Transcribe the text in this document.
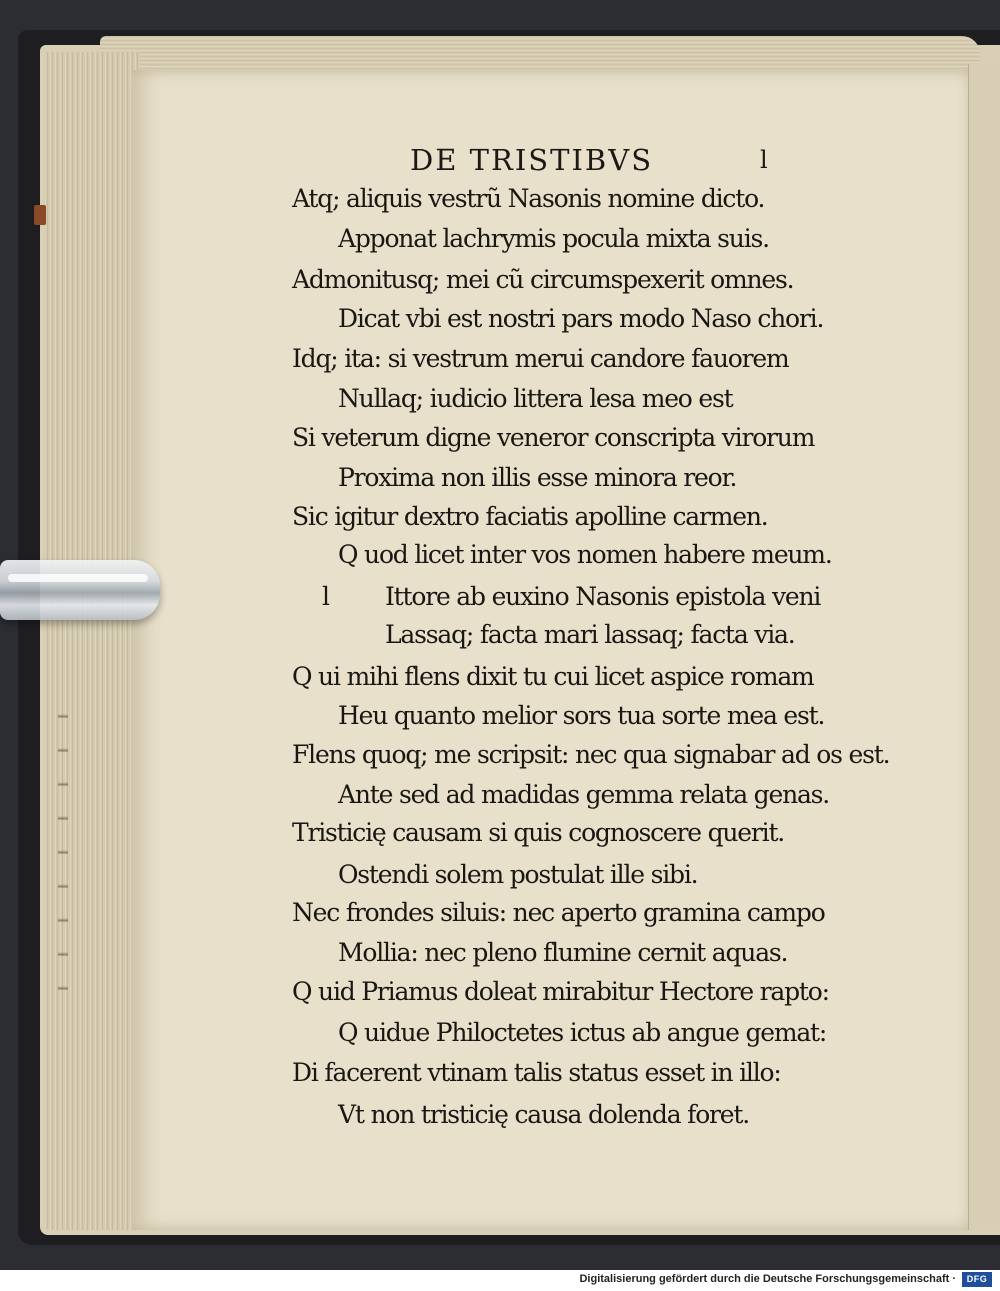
DE TRISTIBVS	l
Atq; aliquis vestrũ Nasonis nomine dicto.
Apponat lachrymis pocula mixta suis.
Admonitusq; mei cũ circumspexerit omnes.
Dicat vbi est nostri pars modo Naso chori.
Idq; ita: si vestrum merui candore fauorem
Nullaq; iudicio littera lesa meo est
Si veterum digne veneror conscripta virorum
Proxima non illis esse minora reor.
Sic igitur dextro faciatis apolline carmen.
Q uod licet inter vos nomen habere meum.
l Ittore ab euxino Nasonis epistola veni
Lassaq; facta mari lassaq; facta via.
Q ui mihi flens dixit tu cui licet aspice romam
Heu quanto melior sors tua sorte mea est.
Flens quoq; me scripsit: nec qua signabar ad os est.
Ante sed ad madidas gemma relata genas.
Tristicię causam si quis cognoscere querit.
Ostendi solem postulat ille sibi.
Nec frondes siluis: nec aperto gramina campo
Mollia: nec pleno flumine cernit aquas.
Q uid Priamus doleat mirabitur Hectore rapto:
Q uidue Philoctetes ictus ab angue gemat:
Di facerent vtinam talis status esset in illo:
Vt non tristicię causa dolenda foret.
Digitalisierung gefördert durch die Deutsche Forschungsgemeinschaft ·	DFG
